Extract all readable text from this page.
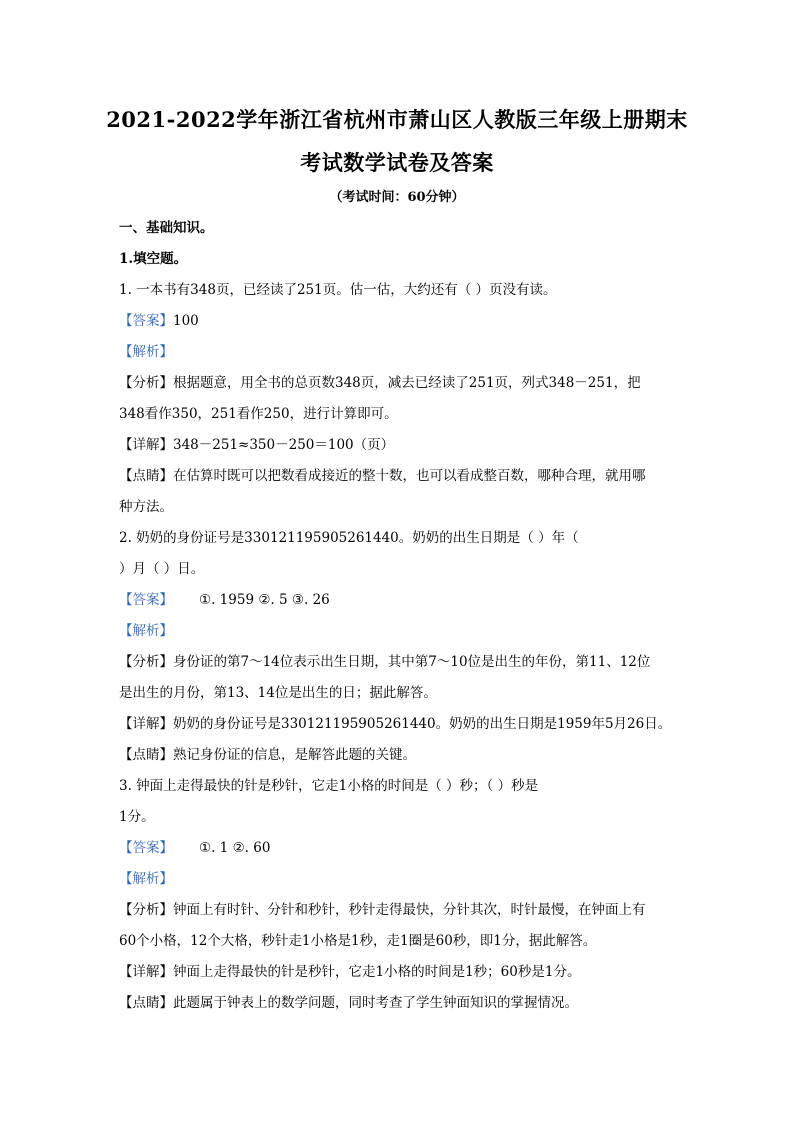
2021-2022学年浙江省杭州市萧山区人教版三年级上册期末
考试数学试卷及答案
（考试时间：60分钟）
一、基础知识。
1.填空题。
1. 一本书有348页，已经读了251页。估一估，大约还有（ ）页没有读。
【答案】100
【解析】
【分析】根据题意，用全书的总页数348页，减去已经读了251页，列式348－251，把
348看作350，251看作250，进行计算即可。
【详解】348－251≈350－250＝100（页）
【点睛】在估算时既可以把数看成接近的整十数，也可以看成整百数，哪种合理，就用哪
种方法。
2. 奶奶的身份证号是330121195905261440。奶奶的出生日期是（ ）年（
）月（ ）日。
【答案】 ①. 1959 ②. 5 ③. 26
【解析】
【分析】身份证的第7～14位表示出生日期，其中第7～10位是出生的年份，第11、12位
是出生的月份，第13、14位是出生的日；据此解答。
【详解】奶奶的身份证号是330121195905261440。奶奶的出生日期是1959年5月26日。
【点睛】熟记身份证的信息，是解答此题的关键。
3. 钟面上走得最快的针是秒针，它走1小格的时间是（ ）秒；（ ）秒是
1分。
【答案】 ①. 1 ②. 60
【解析】
【分析】钟面上有时针、分针和秒针，秒针走得最快，分针其次，时针最慢，在钟面上有
60个小格，12个大格，秒针走1小格是1秒，走1圈是60秒，即1分，据此解答。
【详解】钟面上走得最快的针是秒针，它走1小格的时间是1秒；60秒是1分。
【点睛】此题属于钟表上的数学问题，同时考查了学生钟面知识的掌握情况。
